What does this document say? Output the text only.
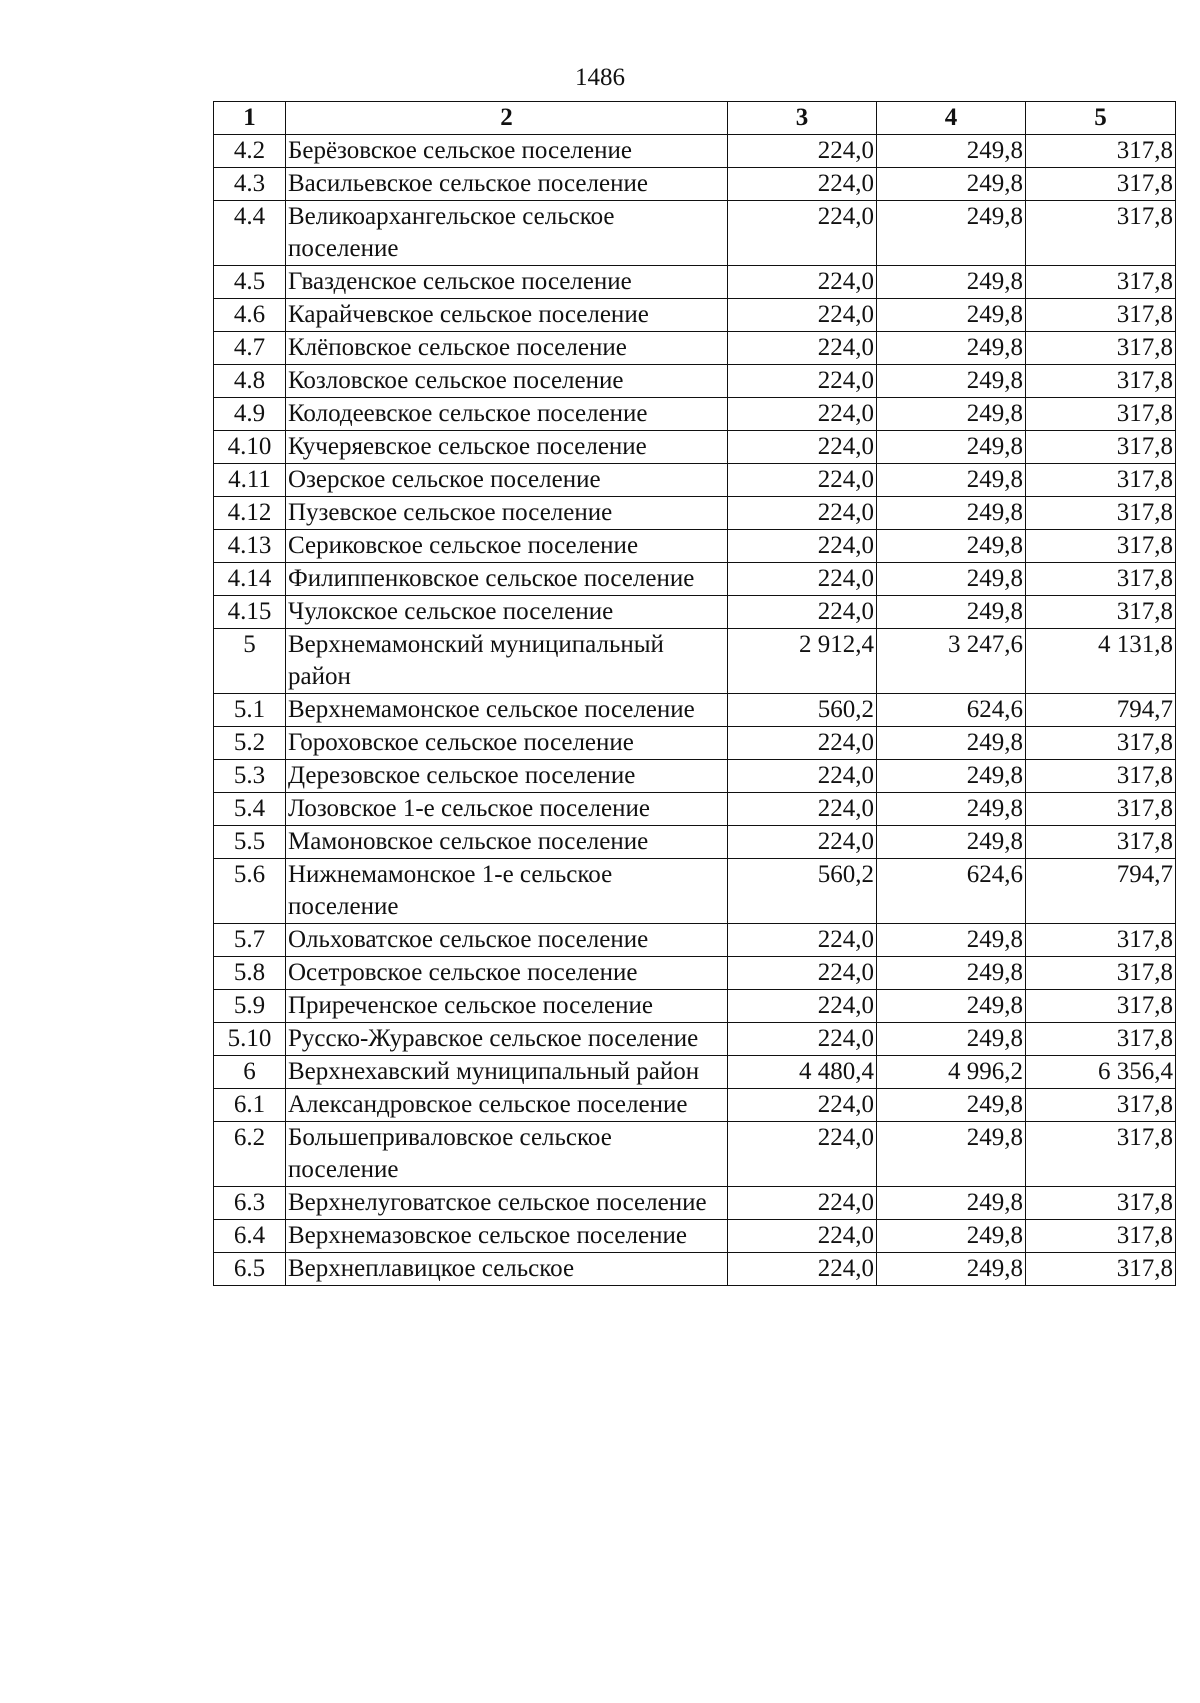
1486
1	2	3	4	5
4.2	Берёзовское сельское поселение	224,0	249,8	317,8
4.3	Васильевское сельское поселение	224,0	249,8	317,8
4.4	Великоархангельское сельское поселение	224,0	249,8	317,8
4.5	Гвазденское сельское поселение	224,0	249,8	317,8
4.6	Карайчевское сельское поселение	224,0	249,8	317,8
4.7	Клёповское сельское поселение	224,0	249,8	317,8
4.8	Козловское сельское поселение	224,0	249,8	317,8
4.9	Колодеевское сельское поселение	224,0	249,8	317,8
4.10	Кучеряевское сельское поселение	224,0	249,8	317,8
4.11	Озерское сельское поселение	224,0	249,8	317,8
4.12	Пузевское сельское поселение	224,0	249,8	317,8
4.13	Сериковское сельское поселение	224,0	249,8	317,8
4.14	Филиппенковское сельское поселение	224,0	249,8	317,8
4.15	Чулокское сельское поселение	224,0	249,8	317,8
5	Верхнемамонский муниципальный район	2 912,4	3 247,6	4 131,8
5.1	Верхнемамонское сельское поселение	560,2	624,6	794,7
5.2	Гороховское сельское поселение	224,0	249,8	317,8
5.3	Дерезовское сельское поселение	224,0	249,8	317,8
5.4	Лозовское 1-е сельское поселение	224,0	249,8	317,8
5.5	Мамоновское сельское поселение	224,0	249,8	317,8
5.6	Нижнемамонское 1-е сельское поселение	560,2	624,6	794,7
5.7	Ольховатское сельское поселение	224,0	249,8	317,8
5.8	Осетровское сельское поселение	224,0	249,8	317,8
5.9	Приреченское сельское поселение	224,0	249,8	317,8
5.10	Русско-Журавское сельское поселение	224,0	249,8	317,8
6	Верхнехавский муниципальный район	4 480,4	4 996,2	6 356,4
6.1	Александровское сельское поселение	224,0	249,8	317,8
6.2	Большеприваловское сельское поселение	224,0	249,8	317,8
6.3	Верхнелуговатское сельское поселение	224,0	249,8	317,8
6.4	Верхнемазовское сельское поселение	224,0	249,8	317,8
6.5	Верхнеплавицкое сельское	224,0	249,8	317,8
